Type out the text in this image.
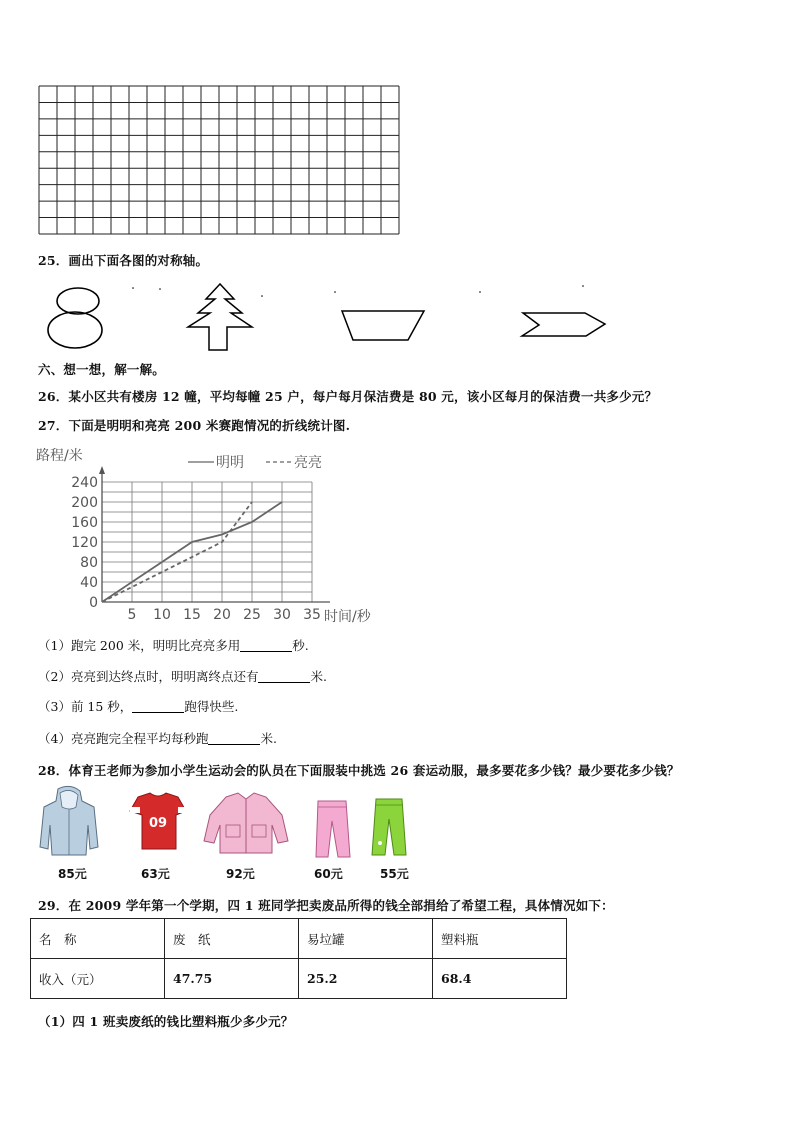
25．画出下面各图的对称轴。
六、想一想，解一解。
26．某小区共有楼房 12 幢，平均每幢 25 户，每户每月保洁费是 80 元，该小区每月的保洁费一共多少元？
27．下面是明明和亮亮 200 米赛跑情况的折线统计图.
40
80
120
160
200
240
0
5 10 15 20 25 30 35
路程/米
时间/秒
明明	亮亮
（1）跑完 200 米，明明比亮亮多用	秒.
（2）亮亮到达终点时，明明离终点还有	米.
（3）前 15 秒，	跑得快些.
（4）亮亮跑完全程平均每秒跑	米.
28．体育王老师为参加小学生运动会的队员在下面服装中挑选 26 套运动服，最多要花多少钱？最少要花多少钱？
09
85元	63元	92元	60元	55元
29．在 2009 学年第一个学期，四 1 班同学把卖废品所得的钱全部捐给了希望工程，具体情况如下：
名　称	废　纸	易垃罐	塑料瓶
收入（元）	47.75	25.2	68.4
（1）四 1 班卖废纸的钱比塑料瓶少多少元？
